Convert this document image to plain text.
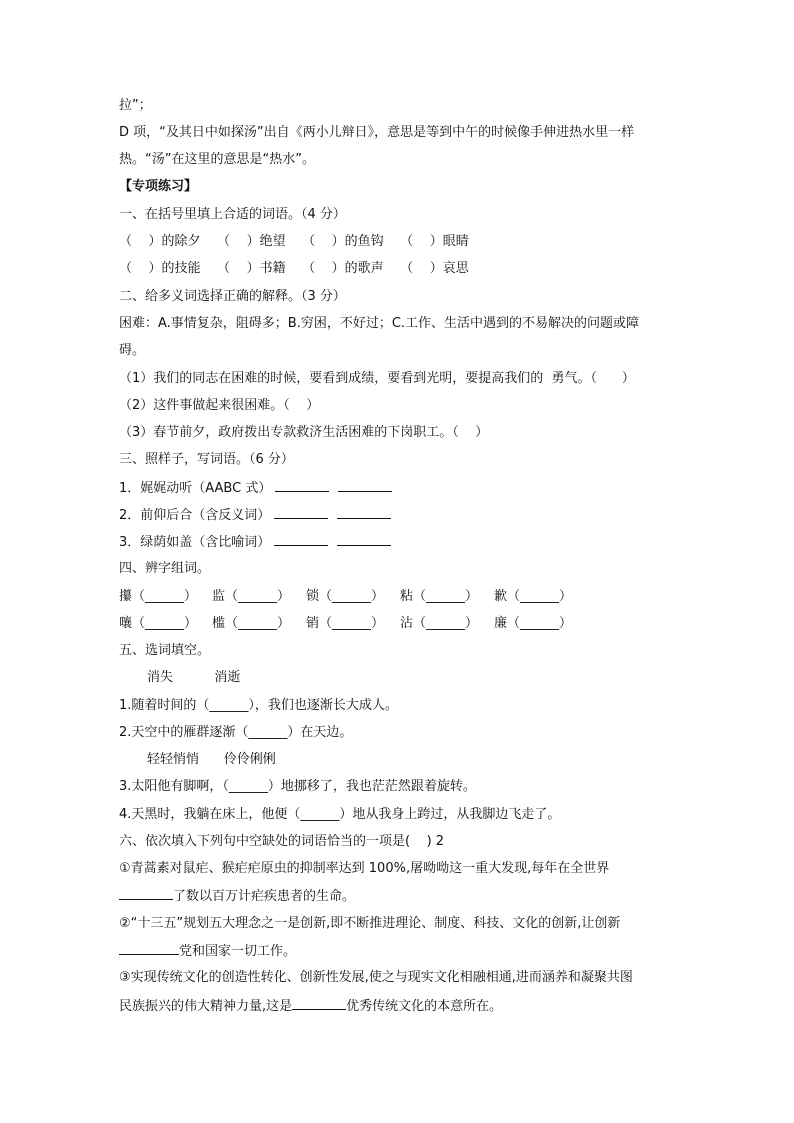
拉”；
D 项，“及其日中如探汤”出自《两小儿辩日》，意思是等到中午的时候像手伸进热水里一样
热。“汤”在这里的意思是“热水”。
【专项练习】
一、在括号里填上合适的词语。（4 分）
（    ）的除夕    （    ）绝望    （    ）的鱼钩    （    ）眼睛
（    ）的技能    （    ）书籍    （    ）的歌声    （    ）哀思
二、给多义词选择正确的解释。（3 分）
困难：A.事情复杂，阻碍多；B.穷困，不好过；C.工作、生活中遇到的不易解决的问题或障
碍。
（1）我们的同志在困难的时候，要看到成绩，要看到光明，要提高我们的  勇气。（      ）
（2）这件事做起来很困难。（    ）
（3）春节前夕，政府拨出专款救济生活困难的下岗职工。（    ）
三、照样子，写词语。（6 分）
1．娓娓动听（AABC 式）
2．前仰后合（含反义词）
3．绿荫如盖（含比喻词）
四、辨字组词。
攥（______） 监（______） 锁（______） 粘（______） 歉（______）
嚷（______） 槛（______） 销（______） 沾（______） 廉（______）
五、选词填空。
消失          消逝
1.随着时间的（______），我们也逐渐长大成人。
2.天空中的雁群逐渐（______）在天边。
轻轻悄悄      伶伶俐俐
3.太阳他有脚啊，（______）地挪移了，我也茫茫然跟着旋转。
4.天黑时，我躺在床上，他便（______）地从我身上跨过，从我脚边飞走了。
六、依次填入下列句中空缺处的词语恰当的一项是(    ) 2
①青蒿素对鼠疟、猴疟疟原虫的抑制率达到 100%,屠呦呦这一重大发现,每年在全世界
了数以百万计疟疾患者的生命。
②“十三五”规划五大理念之一是创新,即不断推进理论、制度、科技、文化的创新,让创新
党和国家一切工作。
③实现传统文化的创造性转化、创新性发展,使之与现实文化相融相通,进而涵养和凝聚共图
民族振兴的伟大精神力量,这是	优秀传统文化的本意所在。
